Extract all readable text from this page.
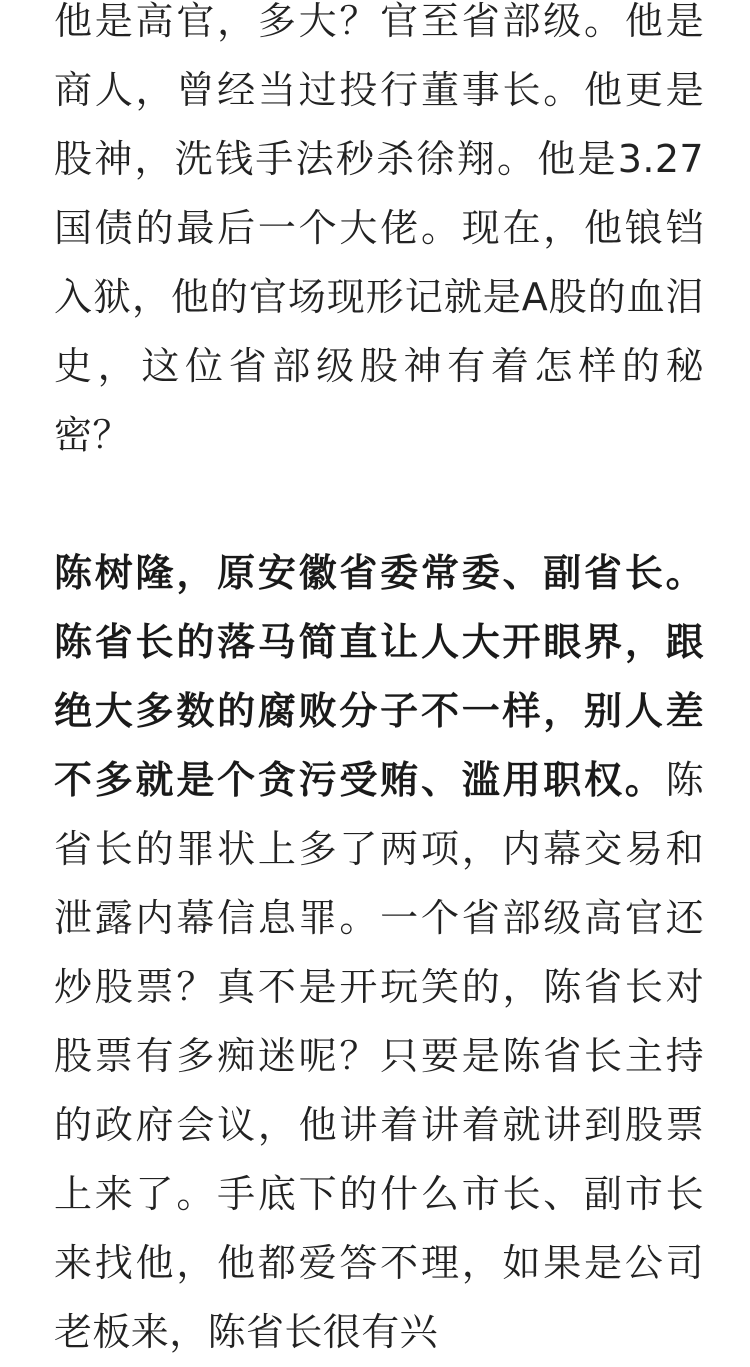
他是高官，多大？官至省部级。他是商人，曾经当过投行董事长。他更是股神，洗钱手法秒杀徐翔。他是3.27国债的最后一个大佬。现在，他锒铛入狱，他的官场现形记就是A股的血泪史，这位省部级股神有着怎样的秘密？

陈树隆，原安徽省委常委、副省长。陈省长的落马简直让人大开眼界，跟绝大多数的腐败分子不一样，别人差不多就是个贪污受贿、滥用职权。陈省长的罪状上多了两项，内幕交易和泄露内幕信息罪。一个省部级高官还炒股票？真不是开玩笑的，陈省长对股票有多痴迷呢？只要是陈省长主持的政府会议，他讲着讲着就讲到股票上来了。手底下的什么市长、副市长来找他，他都爱答不理，如果是公司老板来，陈省长很有兴
